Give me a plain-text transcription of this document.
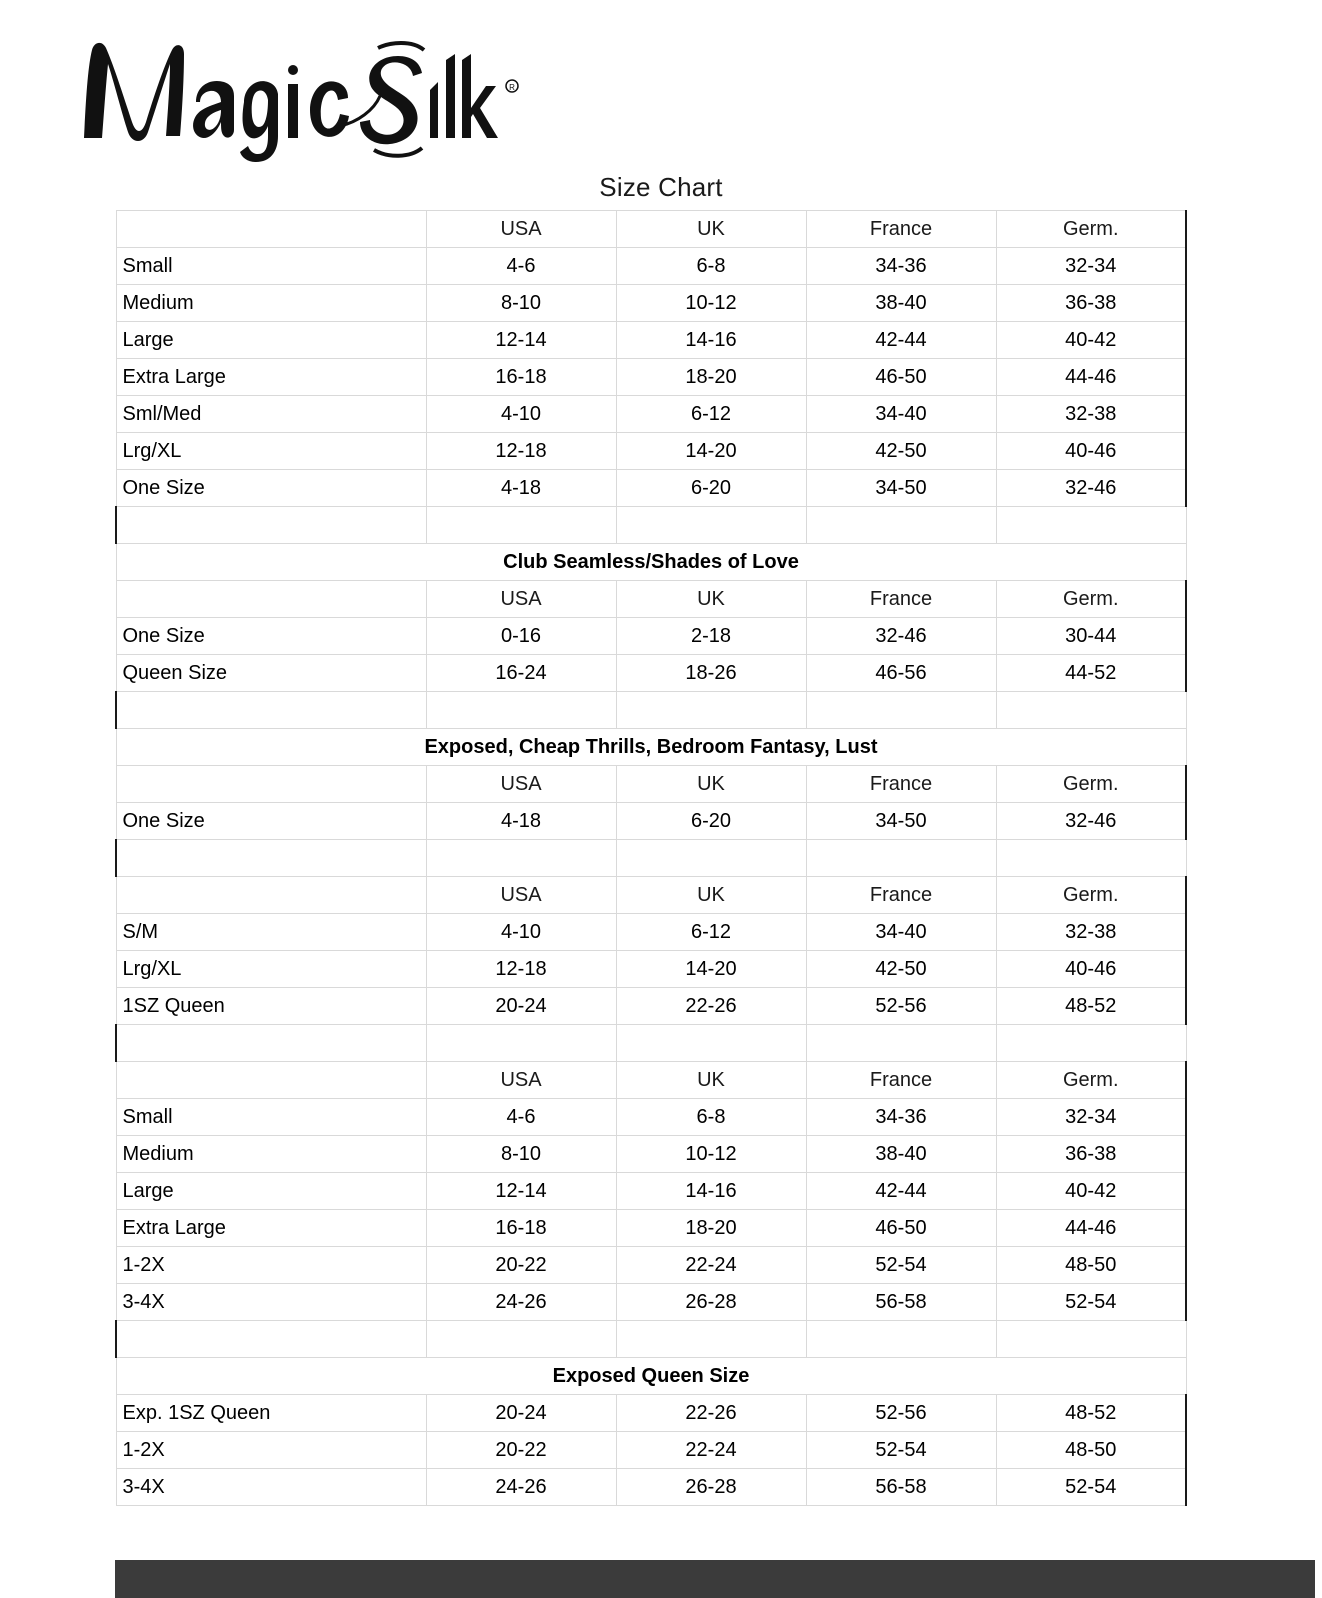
R
Size Chart
	USA	UK	France	Germ.
Small	4-6	6-8	34-36	32-34
Medium	8-10	10-12	38-40	36-38
Large	12-14	14-16	42-44	40-42
Extra Large	16-18	18-20	46-50	44-46
Sml/Med	4-10	6-12	34-40	32-38
Lrg/XL	12-18	14-20	42-50	40-46
One Size	4-18	6-20	34-50	32-46

Club Seamless/Shades of Love				
	USA	UK	France	Germ.
One Size	0-16	2-18	32-46	30-44
Queen Size	16-24	18-26	46-56	44-52

Exposed, Cheap Thrills, Bedroom Fantasy, Lust				
	USA	UK	France	Germ.
One Size	4-18	6-20	34-50	32-46

	USA	UK	France	Germ.
S/M	4-10	6-12	34-40	32-38
Lrg/XL	12-18	14-20	42-50	40-46
1SZ Queen	20-24	22-26	52-56	48-52

	USA	UK	France	Germ.
Small	4-6	6-8	34-36	32-34
Medium	8-10	10-12	38-40	36-38
Large	12-14	14-16	42-44	40-42
Extra Large	16-18	18-20	46-50	44-46
1-2X	20-22	22-24	52-54	48-50
3-4X	24-26	26-28	56-58	52-54

Exposed Queen Size				
Exp. 1SZ Queen	20-24	22-26	52-56	48-52
1-2X	20-22	22-24	52-54	48-50
3-4X	24-26	26-28	56-58	52-54
